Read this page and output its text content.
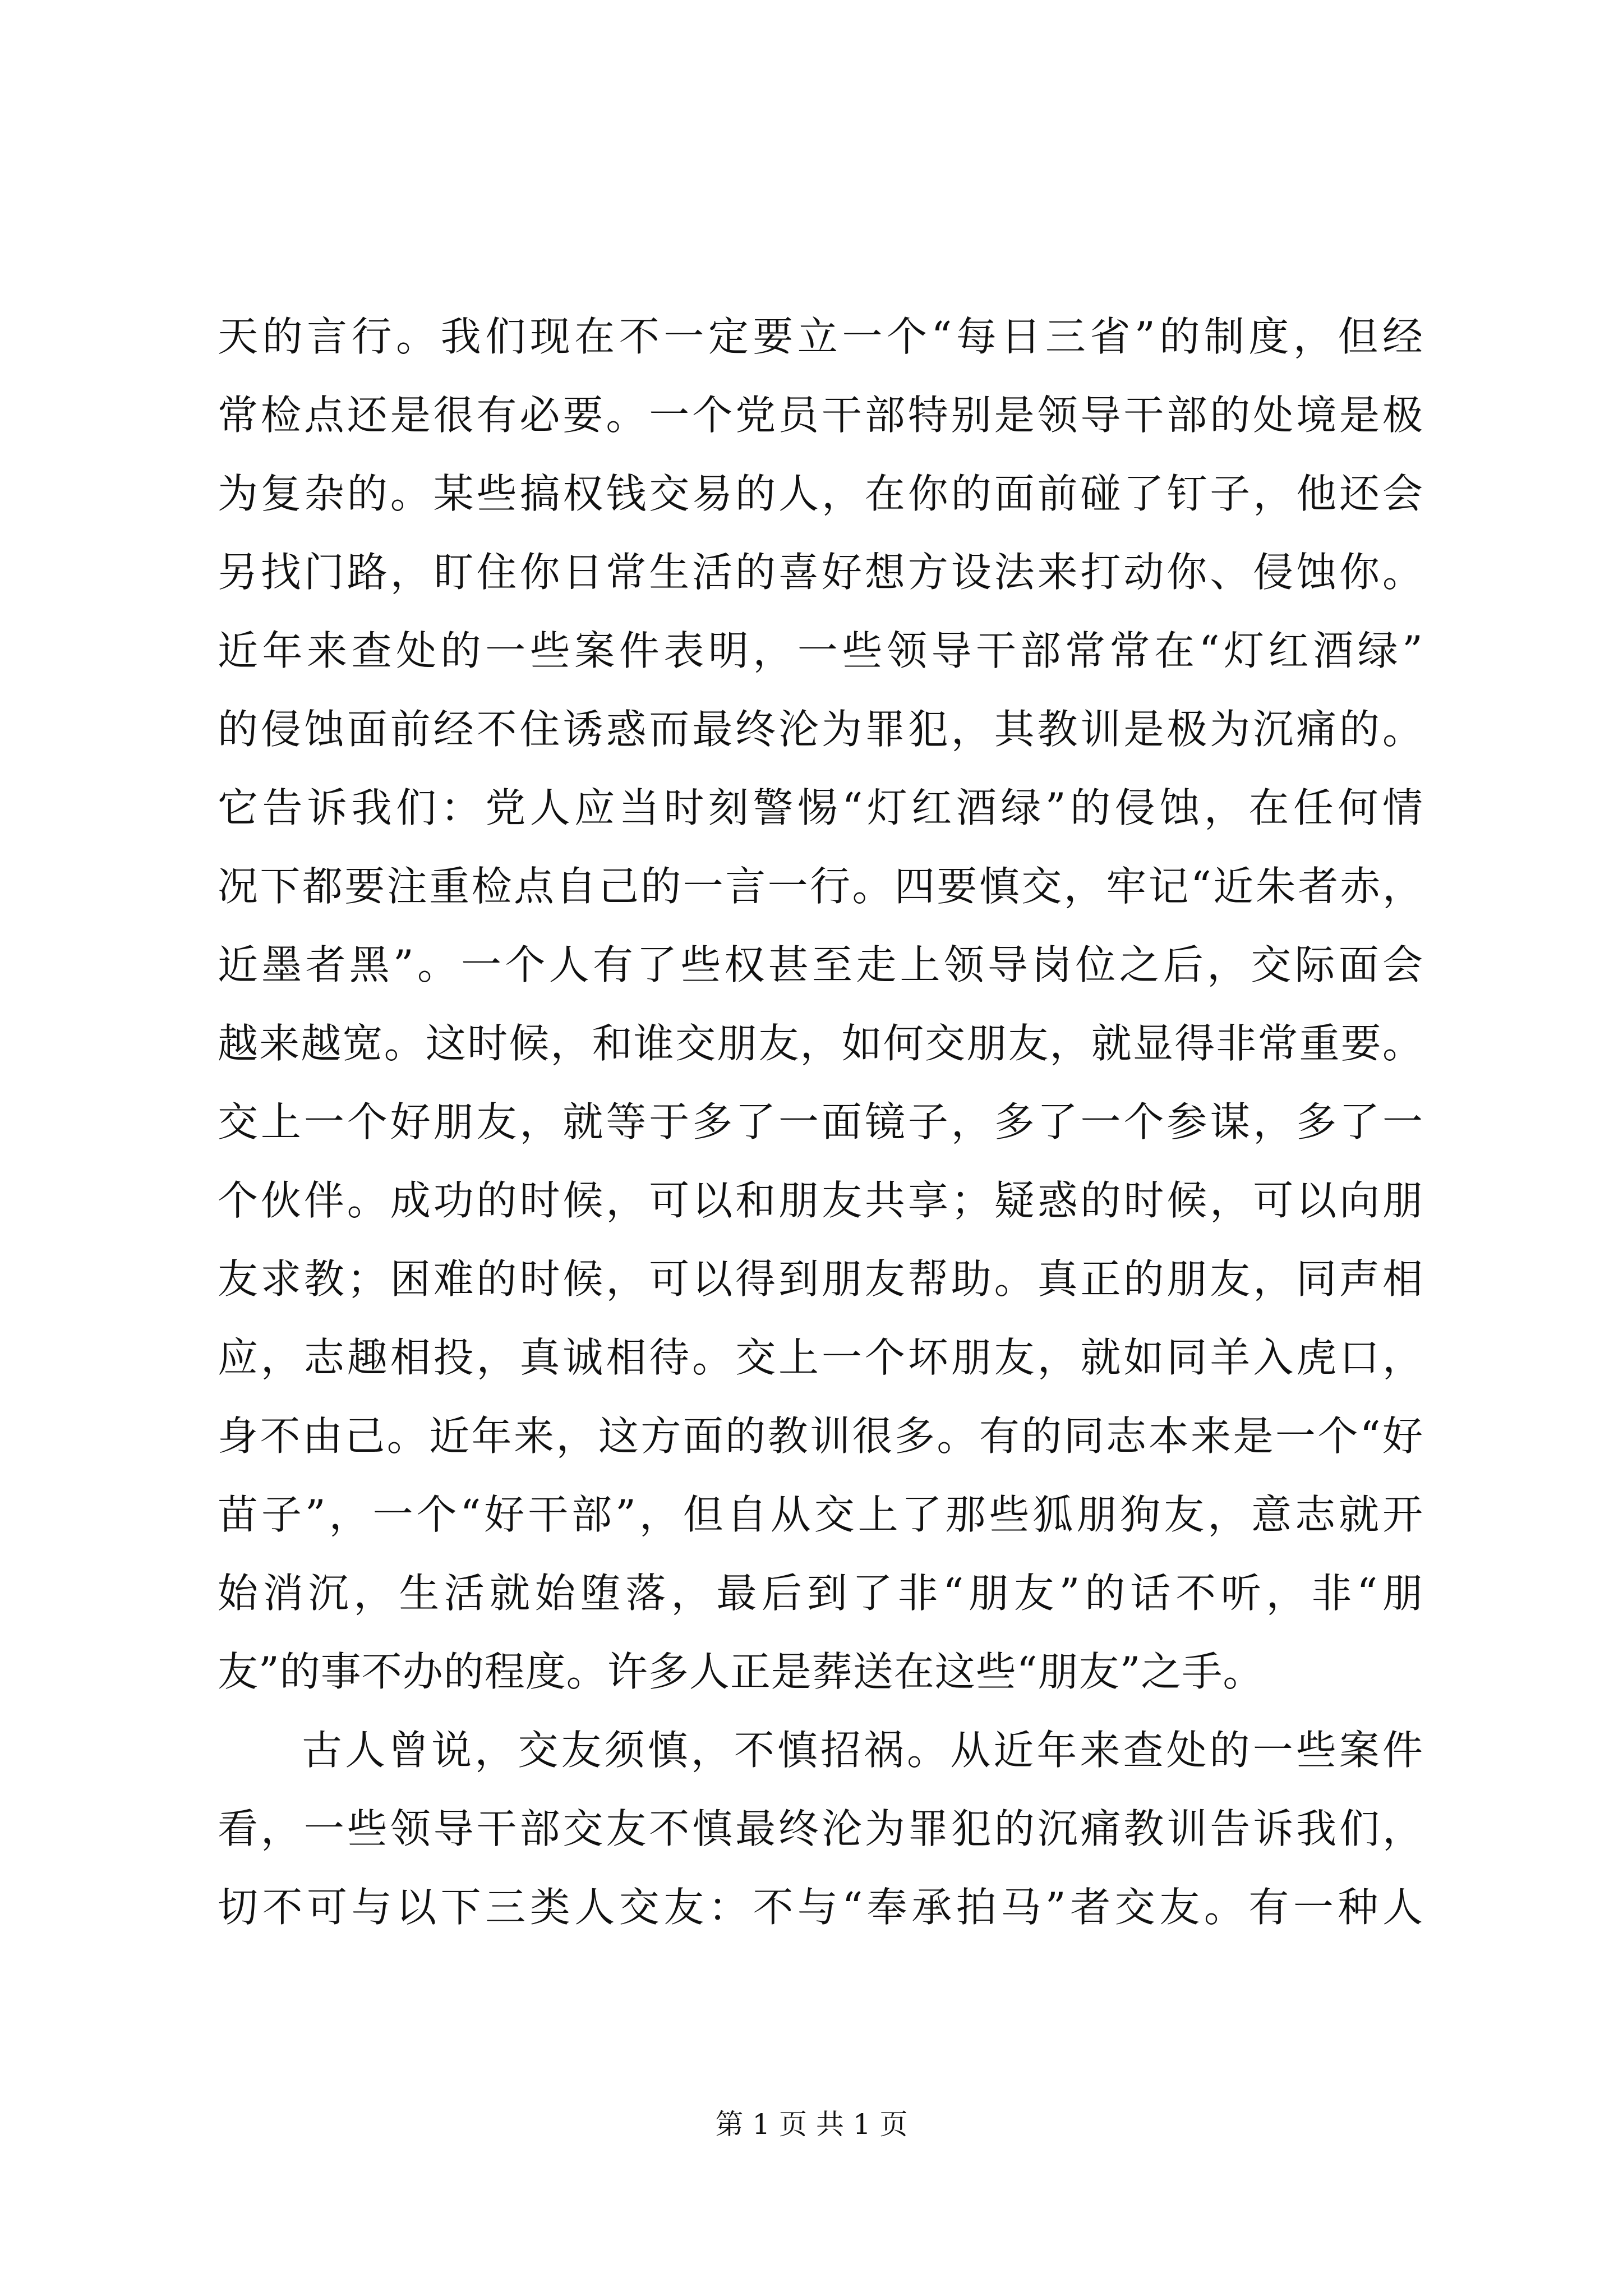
天的言行。我们现在不一定要立一个“每日三省”的制度，但经
常检点还是很有必要。一个党员干部特别是领导干部的处境是极
为复杂的。某些搞权钱交易的人，在你的面前碰了钉子，他还会
另找门路，盯住你日常生活的喜好想方设法来打动你、侵蚀你。
近年来查处的一些案件表明，一些领导干部常常在“灯红酒绿”
的侵蚀面前经不住诱惑而最终沦为罪犯，其教训是极为沉痛的。
它告诉我们：党人应当时刻警惕“灯红酒绿”的侵蚀，在任何情
况下都要注重检点自己的一言一行。四要慎交，牢记“近朱者赤，
近墨者黑”。一个人有了些权甚至走上领导岗位之后，交际面会
越来越宽。这时候，和谁交朋友，如何交朋友，就显得非常重要。
交上一个好朋友，就等于多了一面镜子，多了一个参谋，多了一
个伙伴。成功的时候，可以和朋友共享；疑惑的时候，可以向朋
友求教；困难的时候，可以得到朋友帮助。真正的朋友，同声相
应，志趣相投，真诚相待。交上一个坏朋友，就如同羊入虎口，
身不由己。近年来，这方面的教训很多。有的同志本来是一个“好
苗子”，一个“好干部”，但自从交上了那些狐朋狗友，意志就开
始消沉，生活就始堕落，最后到了非“朋友”的话不听，非“朋
友”的事不办的程度。许多人正是葬送在这些“朋友”之手。
古人曾说，交友须慎，不慎招祸。从近年来查处的一些案件
看，一些领导干部交友不慎最终沦为罪犯的沉痛教训告诉我们，
切不可与以下三类人交友：不与“奉承拍马”者交友。有一种人
第 1 页 共 1 页
